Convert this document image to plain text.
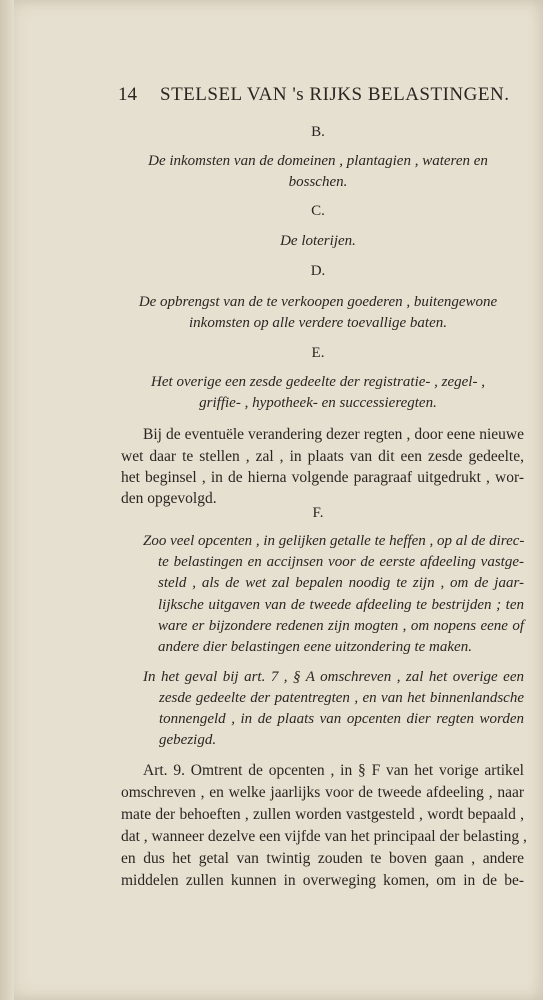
14 STELSEL VAN 's RIJKS BELASTINGEN.
B.
De inkomsten van de domeinen , plantagien , wateren en
bosschen.
C.
De loterijen.
D.
De opbrengst van de te verkoopen goederen , buitengewone
inkomsten op alle verdere toevallige baten.
E.
Het overige een zesde gedeelte der registratie- , zegel- ,
griffie- , hypotheek- en successieregten.
Bij de eventuële verandering dezer regten , door eene nieuwe
wet daar te stellen , zal , in plaats van dit een zesde gedeelte,
het beginsel , in de hierna volgende paragraaf uitgedrukt , wor-
den opgevolgd.
F.
Zoo veel opcenten , in gelijken getalle te heffen , op al de direc-
te belastingen en accijnsen voor de eerste afdeeling vastge-
steld , als de wet zal bepalen noodig te zijn , om de jaar-
lijksche uitgaven van de tweede afdeeling te bestrijden ; ten
ware er bijzondere redenen zijn mogten , om nopens eene of
andere dier belastingen eene uitzondering te maken.
In het geval bij art. 7 , § A omschreven , zal het overige een
zesde gedeelte der patentregten , en van het binnenlandsche
tonnengeld , in de plaats van opcenten dier regten worden
gebezigd.
Art. 9. Omtrent de opcenten , in § F van het vorige artikel
omschreven , en welke jaarlijks voor de tweede afdeeling , naar
mate der behoeften , zullen worden vastgesteld , wordt bepaald ,
dat , wanneer dezelve een vijfde van het principaal der belasting ,
en dus het getal van twintig zouden te boven gaan , andere
middelen zullen kunnen in overweging komen, om in de be-
